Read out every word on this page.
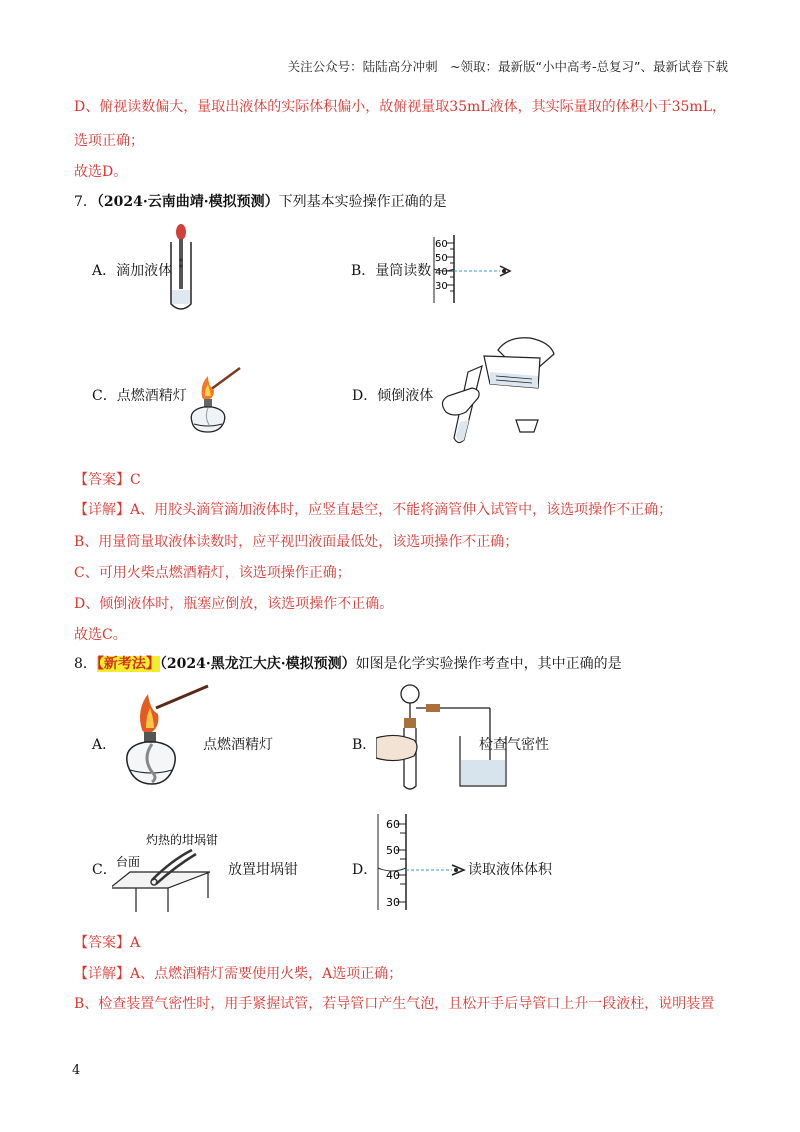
关注公众号：陆陆高分冲刺　~领取：最新版“小中高考-总复习”、最新试卷下载
D、俯视读数偏大，量取出液体的实际体积偏小，故俯视量取35mL液体，其实际量取的体积小于35mL，
选项正确；
故选D。
7．（2024·云南曲靖·模拟预测）下列基本实验操作正确的是
A．滴加液体	B．量筒读数
60
50
40
30
C．点燃酒精灯	D．倾倒液体
【答案】C
【详解】A、用胶头滴管滴加液体时，应竖直悬空，不能将滴管伸入试管中，该选项操作不正确；
B、用量筒量取液体读数时，应平视凹液面最低处，该选项操作不正确；
C、可用火柴点燃酒精灯，该选项操作正确；
D、倾倒液体时，瓶塞应倒放，该选项操作不正确。
故选C。
8．【新考法】（2024·黑龙江大庆·模拟预测）如图是化学实验操作考查中，其中正确的是
A．	点燃酒精灯	B．	检查气密性
C．
灼热的坩埚钳
台面	放置坩埚钳	D．
60
50
40
30
读取液体体积
【答案】A
【详解】A、点燃酒精灯需要使用火柴，A选项正确；
B、检查装置气密性时，用手紧握试管，若导管口产生气泡，且松开手后导管口上升一段液柱，说明装置
4
